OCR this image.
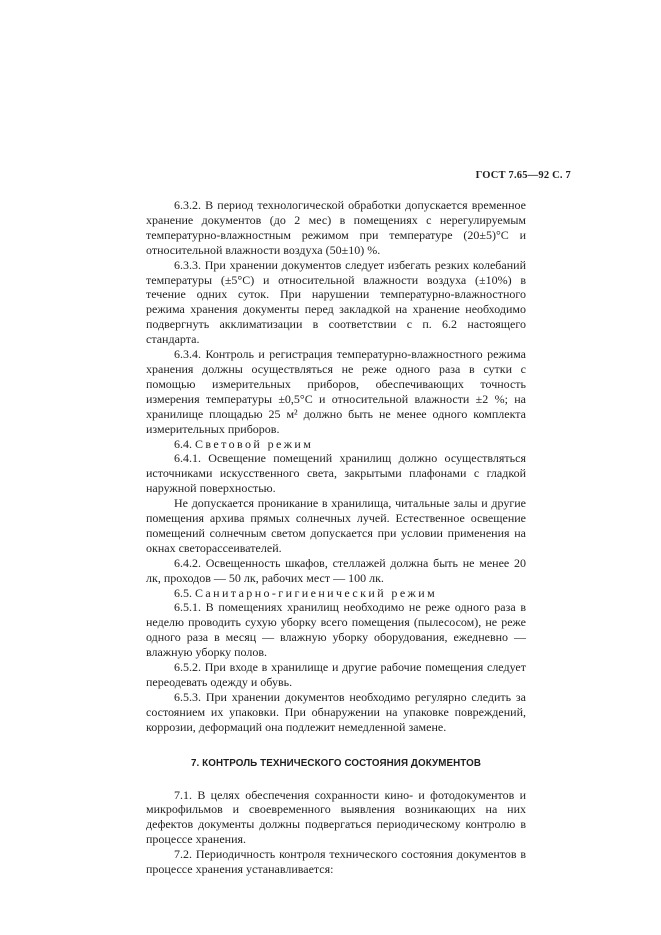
ГОСТ 7.65—92 С. 7

6.3.2. В период технологической обработки допускается временное хранение документов (до 2 мес) в помещениях с нерегулируемым температурно-влажностным режимом при температуре (20±5)°С и относительной влажности воздуха (50±10) %.

6.3.3. При хранении документов следует избегать резких колебаний температуры (±5°С) и относительной влажности воздуха (±10%) в течение одних суток. При нарушении температурно-влажностного режима хранения документы перед закладкой на хранение необходимо подвергнуть акклиматизации в соответствии с п. 6.2 настоящего стандарта.

6.3.4. Контроль и регистрация температурно-влажностного режима хранения должны осуществляться не реже одного раза в сутки с помощью измерительных приборов, обеспечивающих точность измерения температуры ±0,5°С и относительной влажности ±2 %; на хранилище площадью 25 м² должно быть не менее одного комплекта измерительных приборов.

6.4. Световой режим

6.4.1. Освещение помещений хранилищ должно осуществляться источниками искусственного света, закрытыми плафонами с гладкой наружной поверхностью.

Не допускается проникание в хранилища, читальные залы и другие помещения архива прямых солнечных лучей. Естественное освещение помещений солнечным светом допускается при условии применения на окнах светорассеивателей.

6.4.2. Освещенность шкафов, стеллажей должна быть не менее 20 лк, проходов — 50 лк, рабочих мест — 100 лк.

6.5. Санитарно-гигиенический режим

6.5.1. В помещениях хранилищ необходимо не реже одного раза в неделю проводить сухую уборку всего помещения (пылесосом), не реже одного раза в месяц — влажную уборку оборудования, ежедневно — влажную уборку полов.

6.5.2. При входе в хранилище и другие рабочие помещения следует переодевать одежду и обувь.

6.5.3. При хранении документов необходимо регулярно следить за состоянием их упаковки. При обнаружении на упаковке повреждений, коррозии, деформаций она подлежит немедленной замене.

7. КОНТРОЛЬ ТЕХНИЧЕСКОГО СОСТОЯНИЯ ДОКУМЕНТОВ

7.1. В целях обеспечения сохранности кино- и фотодокументов и микрофильмов и своевременного выявления возникающих на них дефектов документы должны подвергаться периодическому контролю в процессе хранения.

7.2. Периодичность контроля технического состояния документов в процессе хранения устанавливается:
